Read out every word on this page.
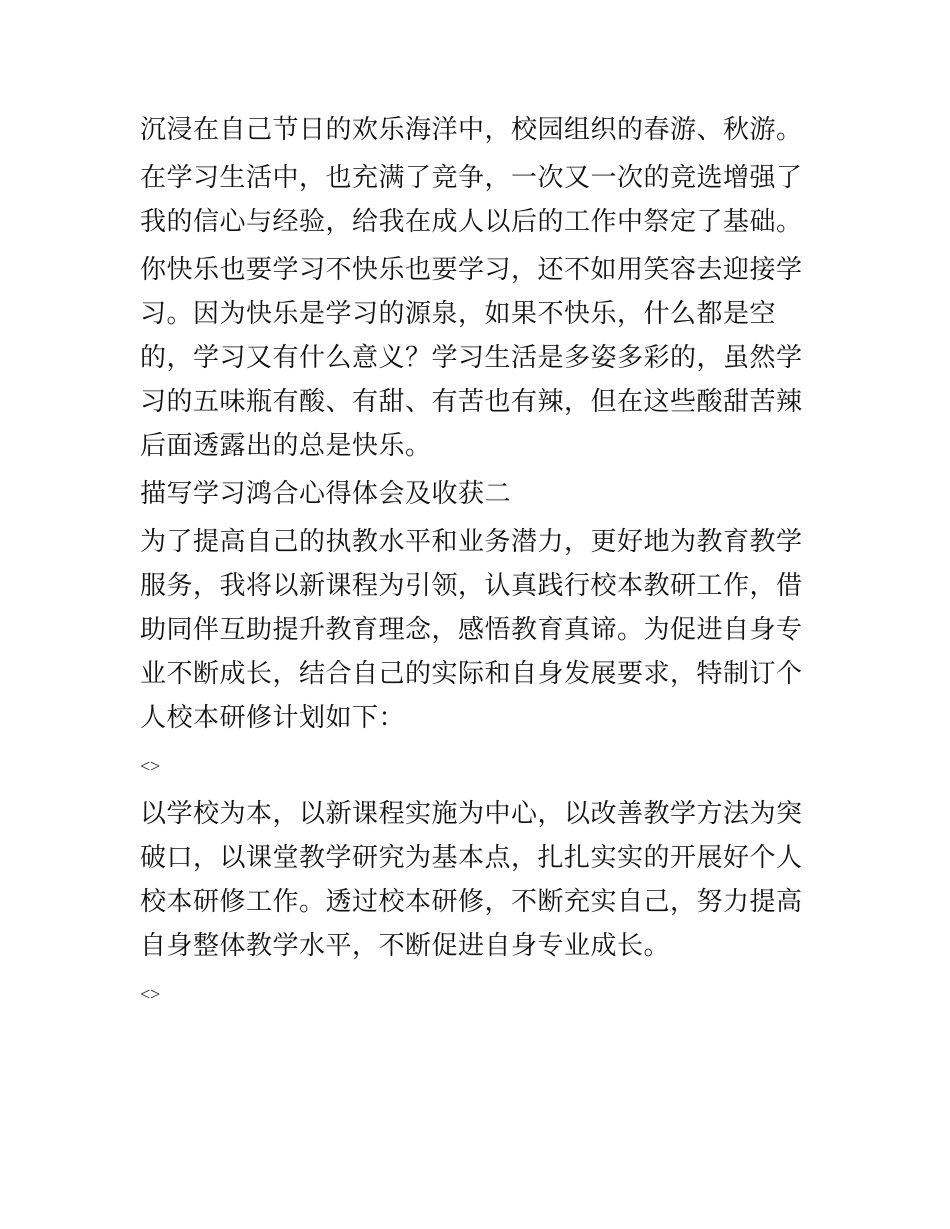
沉浸在自己节日的欢乐海洋中，校园组织的春游、秋游。

在学习生活中，也充满了竞争，一次又一次的竞选增强了我的信心与经验，给我在成人以后的工作中祭定了基础。

你快乐也要学习不快乐也要学习，还不如用笑容去迎接学习。因为快乐是学习的源泉，如果不快乐，什么都是空的，学习又有什么意义？学习生活是多姿多彩的，虽然学习的五味瓶有酸、有甜、有苦也有辣，但在这些酸甜苦辣后面透露出的总是快乐。

描写学习鸿合心得体会及收获二

为了提高自己的执教水平和业务潜力，更好地为教育教学服务，我将以新课程为引领，认真践行校本教研工作，借助同伴互助提升教育理念，感悟教育真谛。为促进自身专业不断成长，结合自己的实际和自身发展要求，特制订个人校本研修计划如下：

<>

以学校为本，以新课程实施为中心，以改善教学方法为突破口，以课堂教学研究为基本点，扎扎实实的开展好个人校本研修工作。透过校本研修，不断充实自己，努力提高自身整体教学水平，不断促进自身专业成长。

<>
